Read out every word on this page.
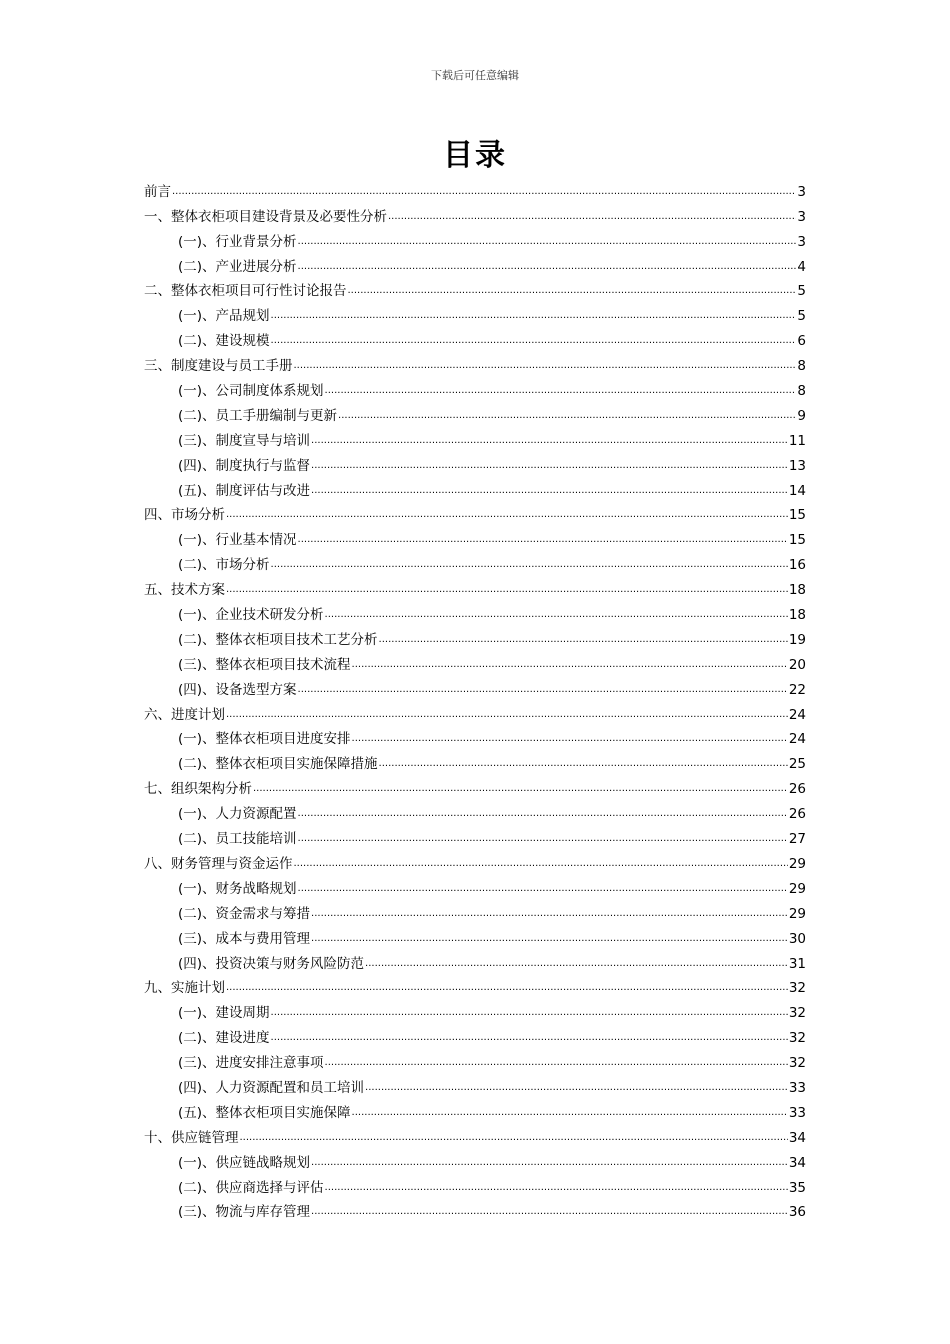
下载后可任意编辑
目录
前言 .....	3
一、整体衣柜项目建设背景及必要性分析 .....	3
(一)、行业背景分析 .....	3
(二)、产业进展分析 .....	4
二、整体衣柜项目可行性讨论报告 .....	5
(一)、产品规划 .....	5
(二)、建设规模 .....	6
三、制度建设与员工手册 .....	8
(一)、公司制度体系规划 .....	8
(二)、员工手册编制与更新 .....	9
(三)、制度宣导与培训 .....	11
(四)、制度执行与监督 .....	13
(五)、制度评估与改进 .....	14
四、市场分析 .....	15
(一)、行业基本情况 .....	15
(二)、市场分析 .....	16
五、技术方案 .....	18
(一)、企业技术研发分析 .....	18
(二)、整体衣柜项目技术工艺分析 .....	19
(三)、整体衣柜项目技术流程 .....	20
(四)、设备选型方案 .....	22
六、进度计划 .....	24
(一)、整体衣柜项目进度安排 .....	24
(二)、整体衣柜项目实施保障措施 .....	25
七、组织架构分析 .....	26
(一)、人力资源配置 .....	26
(二)、员工技能培训 .....	27
八、财务管理与资金运作 .....	29
(一)、财务战略规划 .....	29
(二)、资金需求与筹措 .....	29
(三)、成本与费用管理 .....	30
(四)、投资决策与财务风险防范 .....	31
九、实施计划 .....	32
(一)、建设周期 .....	32
(二)、建设进度 .....	32
(三)、进度安排注意事项 .....	32
(四)、人力资源配置和员工培训 .....	33
(五)、整体衣柜项目实施保障 .....	33
十、供应链管理 .....	34
(一)、供应链战略规划 .....	34
(二)、供应商选择与评估 .....	35
(三)、物流与库存管理 .....	36
